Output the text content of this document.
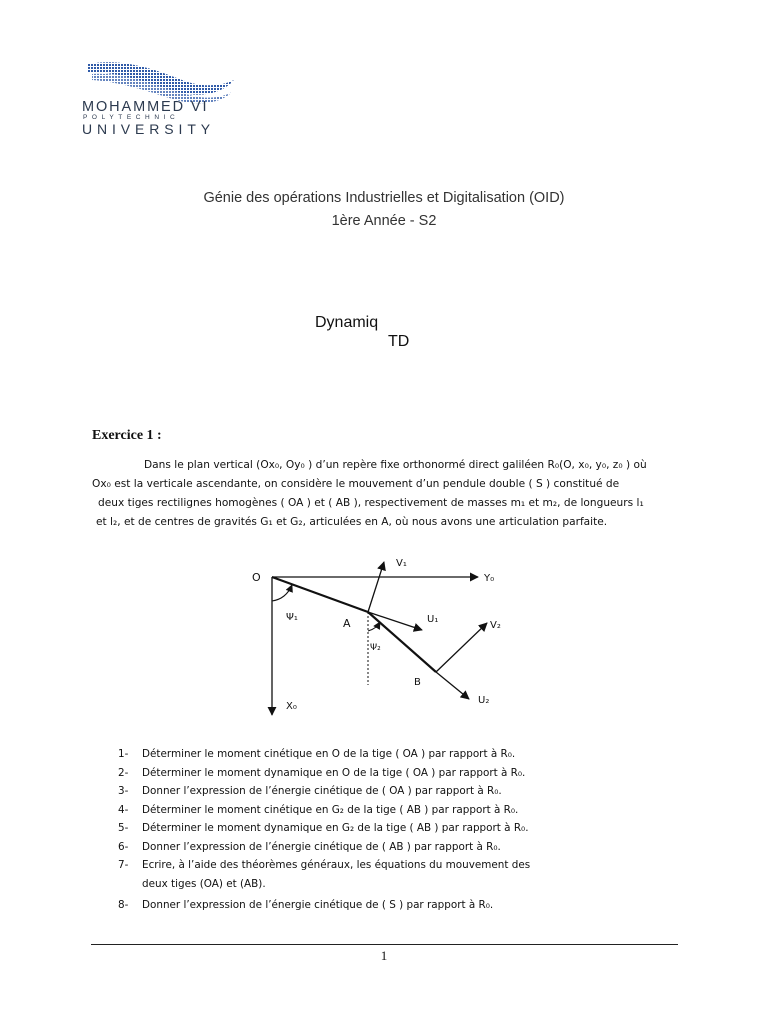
MOHAMMED VI
POLYTECHNIC
UNIVERSITY
Génie des opérations Industrielles et Digitalisation (OID)
1ère Année - S2
Dynamiq
TD
Exercice 1 :
Dans le plan vertical (Ox₀, Oy₀ ) d’un repère fixe orthonormé direct galiléen R₀(O, x₀, y₀, z₀ ) où
Ox₀ est la verticale ascendante, on considère le mouvement d’un pendule double ( S ) constitué de
deux tiges rectilignes homogènes ( OA ) et ( AB ), respectivement de masses m₁ et m₂, de longueurs l₁
et l₂, et de centres de gravités G₁ et G₂, articulées en A, où nous avons une articulation parfaite.
O	Y₀
X₀
A
B
V₁
V₂
U₁
U₂
Ψ₁
Ψ₂
1-	Déterminer le moment cinétique en O de la tige ( OA ) par rapport à R₀.
2-	Déterminer le moment dynamique en O de la tige ( OA ) par rapport à R₀.
3-	Donner l’expression de l’énergie cinétique de ( OA ) par rapport à R₀.
4-	Déterminer le moment cinétique en G₂ de la tige ( AB ) par rapport à R₀.
5-	Déterminer le moment dynamique en G₂ de la tige ( AB ) par rapport à R₀.
6-	Donner l’expression de l’énergie cinétique de ( AB ) par rapport à R₀.
7-	Ecrire, à l’aide des théorèmes généraux, les équations du mouvement des
deux tiges (OA) et (AB).
8-	Donner l’expression de l’énergie cinétique de ( S ) par rapport à R₀.
1
